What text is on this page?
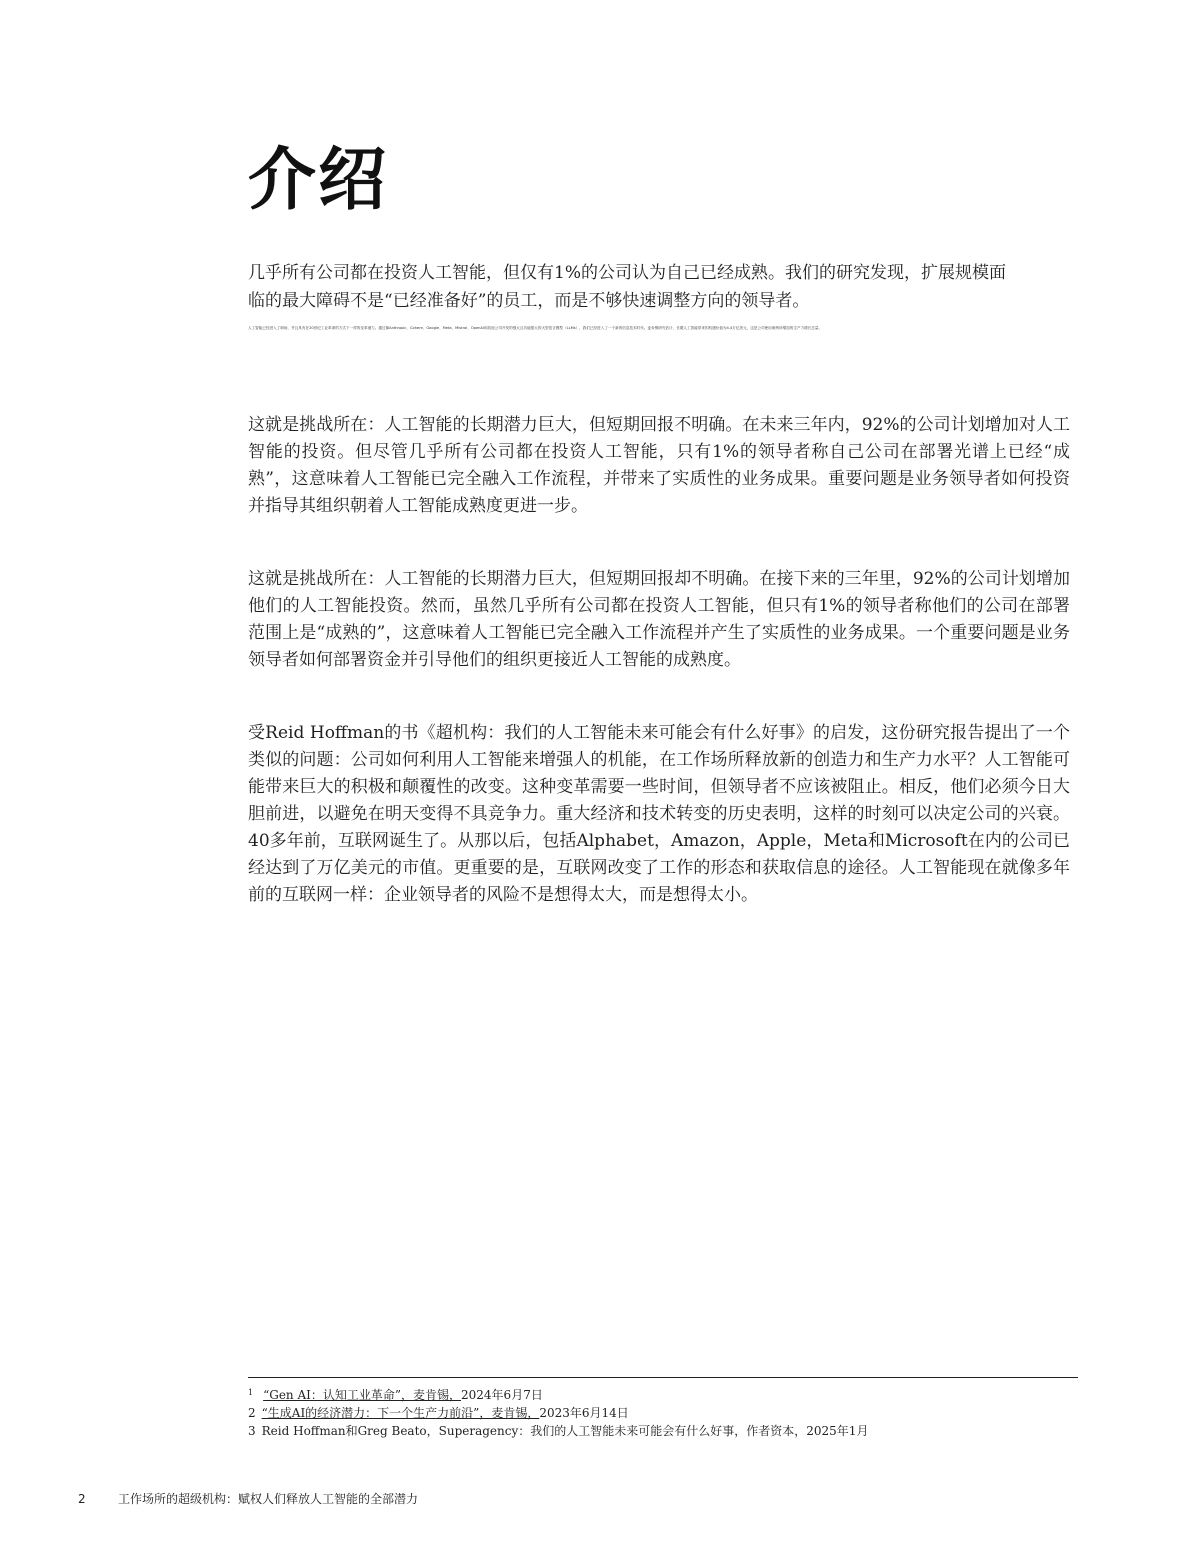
介绍

几乎所有公司都在投资人工智能，但仅有1%的公司认为自己已经成熟。我们的研究发现，扩展规模面临的最大障碍不是“已经准备好”的员工，而是不够快速调整方向的领导者。

人工智能已经进入了职场，并且具有在20世纪工业革命的方式下一样的变革潜力。通过像Anthropic、Cohere、Google、Meta、Mistral、OpenAI和其他公司开发的强大且功能强大的大型语言模型（LLMs），我们已经进入了一个新的信息技术时代。麦肯锡研究估计，长期人工智能带来的机遇价值为4.4万亿美元，这是公司使用案例所增加的生产力增长总量。

这就是挑战所在：人工智能的长期潜力巨大，但短期回报不明确。在未来三年内，92%的公司计划增加对人工智能的投资。但尽管几乎所有公司都在投资人工智能，只有1%的领导者称自己公司在部署光谱上已经“成熟”，这意味着人工智能已完全融入工作流程，并带来了实质性的业务成果。重要问题是业务领导者如何投资并指导其组织朝着人工智能成熟度更进一步。

这就是挑战所在：人工智能的长期潜力巨大，但短期回报却不明确。在接下来的三年里，92%的公司计划增加他们的人工智能投资。然而，虽然几乎所有公司都在投资人工智能，但只有1%的领导者称他们的公司在部署范围上是“成熟的”，这意味着人工智能已完全融入工作流程并产生了实质性的业务成果。一个重要问题是业务领导者如何部署资金并引导他们的组织更接近人工智能的成熟度。

受Reid Hoffman的书《超机构：我们的人工智能未来可能会有什么好事》的启发，这份研究报告提出了一个类似的问题：公司如何利用人工智能来增强人的机能，在工作场所释放新的创造力和生产力水平？人工智能可能带来巨大的积极和颠覆性的改变。这种变革需要一些时间，但领导者不应该被阻止。相反，他们必须今日大胆前进，以避免在明天变得不具竞争力。重大经济和技术转变的历史表明，这样的时刻可以决定公司的兴衰。40多年前，互联网诞生了。从那以后，包括Alphabet，Amazon，Apple，Meta和Microsoft在内的公司已经达到了万亿美元的市值。更重要的是，互联网改变了工作的形态和获取信息的途径。人工智能现在就像多年前的互联网一样：企业领导者的风险不是想得太大，而是想得太小。

1 “Gen AI：认知工业革命”，麦肯锡，2024年6月7日
2 “生成AI的经济潜力：下一个生产力前沿”，麦肯锡，2023年6月14日
3 Reid Hoffman和Greg Beato，Superagency：我们的人工智能未来可能会有什么好事，作者资本，2025年1月
2	工作场所的超级机构：赋权人们释放人工智能的全部潜力
